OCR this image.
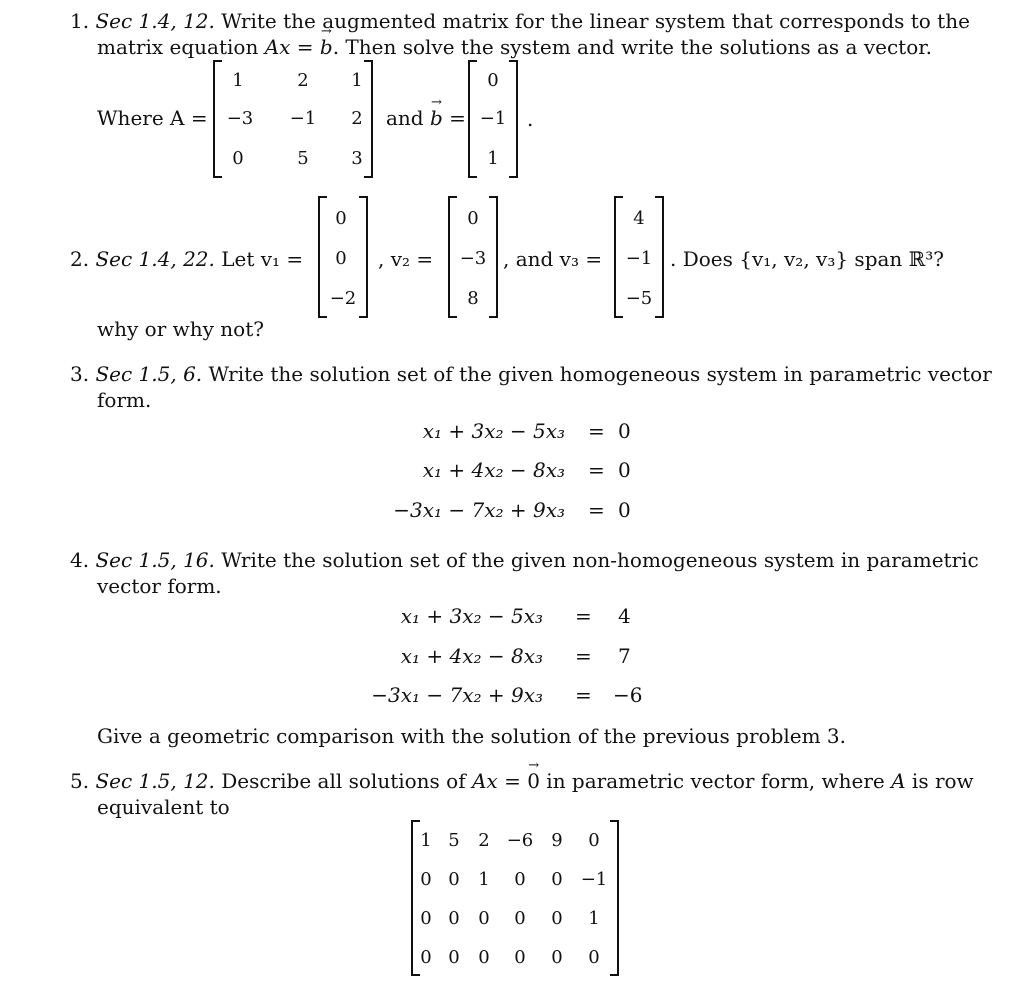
1. Sec 1.4, 12. Write the augmented matrix for the linear system that corresponds to the
matrix equation Ax = → b. Then solve the system and write the solutions as a vector.
Where A =
1	2 1
−3 −1 2
0	5 3
and → b =
0
−1
1
.
2. Sec 1.4, 22. Let v₁ =
0
0
−2
, v₂ =
0
−3
8
, and v₃ =
4
−1
−5
. Does {v₁, v₂, v₃} span ℝ³?
why or why not?
3. Sec 1.5, 6. Write the solution set of the given homogeneous system in parametric vector
form.
x₁ + 3x₂ − 5x₃ = 0
x₁ + 4x₂ − 8x₃ = 0
−3x₁ − 7x₂ + 9x₃ = 0
4. Sec 1.5, 16. Write the solution set of the given non-homogeneous system in parametric
vector form.
x₁ + 3x₂ − 5x₃ = 4
x₁ + 4x₂ − 8x₃ = 7
−3x₁ − 7x₂ + 9x₃ = −6
Give a geometric comparison with the solution of the previous problem 3.
5. Sec 1.5, 12. Describe all solutions of Ax = → 0 in parametric vector form, where A is row
equivalent to
1 5 2 −6 9 0
0 0 1 0 0 −1
0 0 0 0 0 1
0 0 0 0 0 0
